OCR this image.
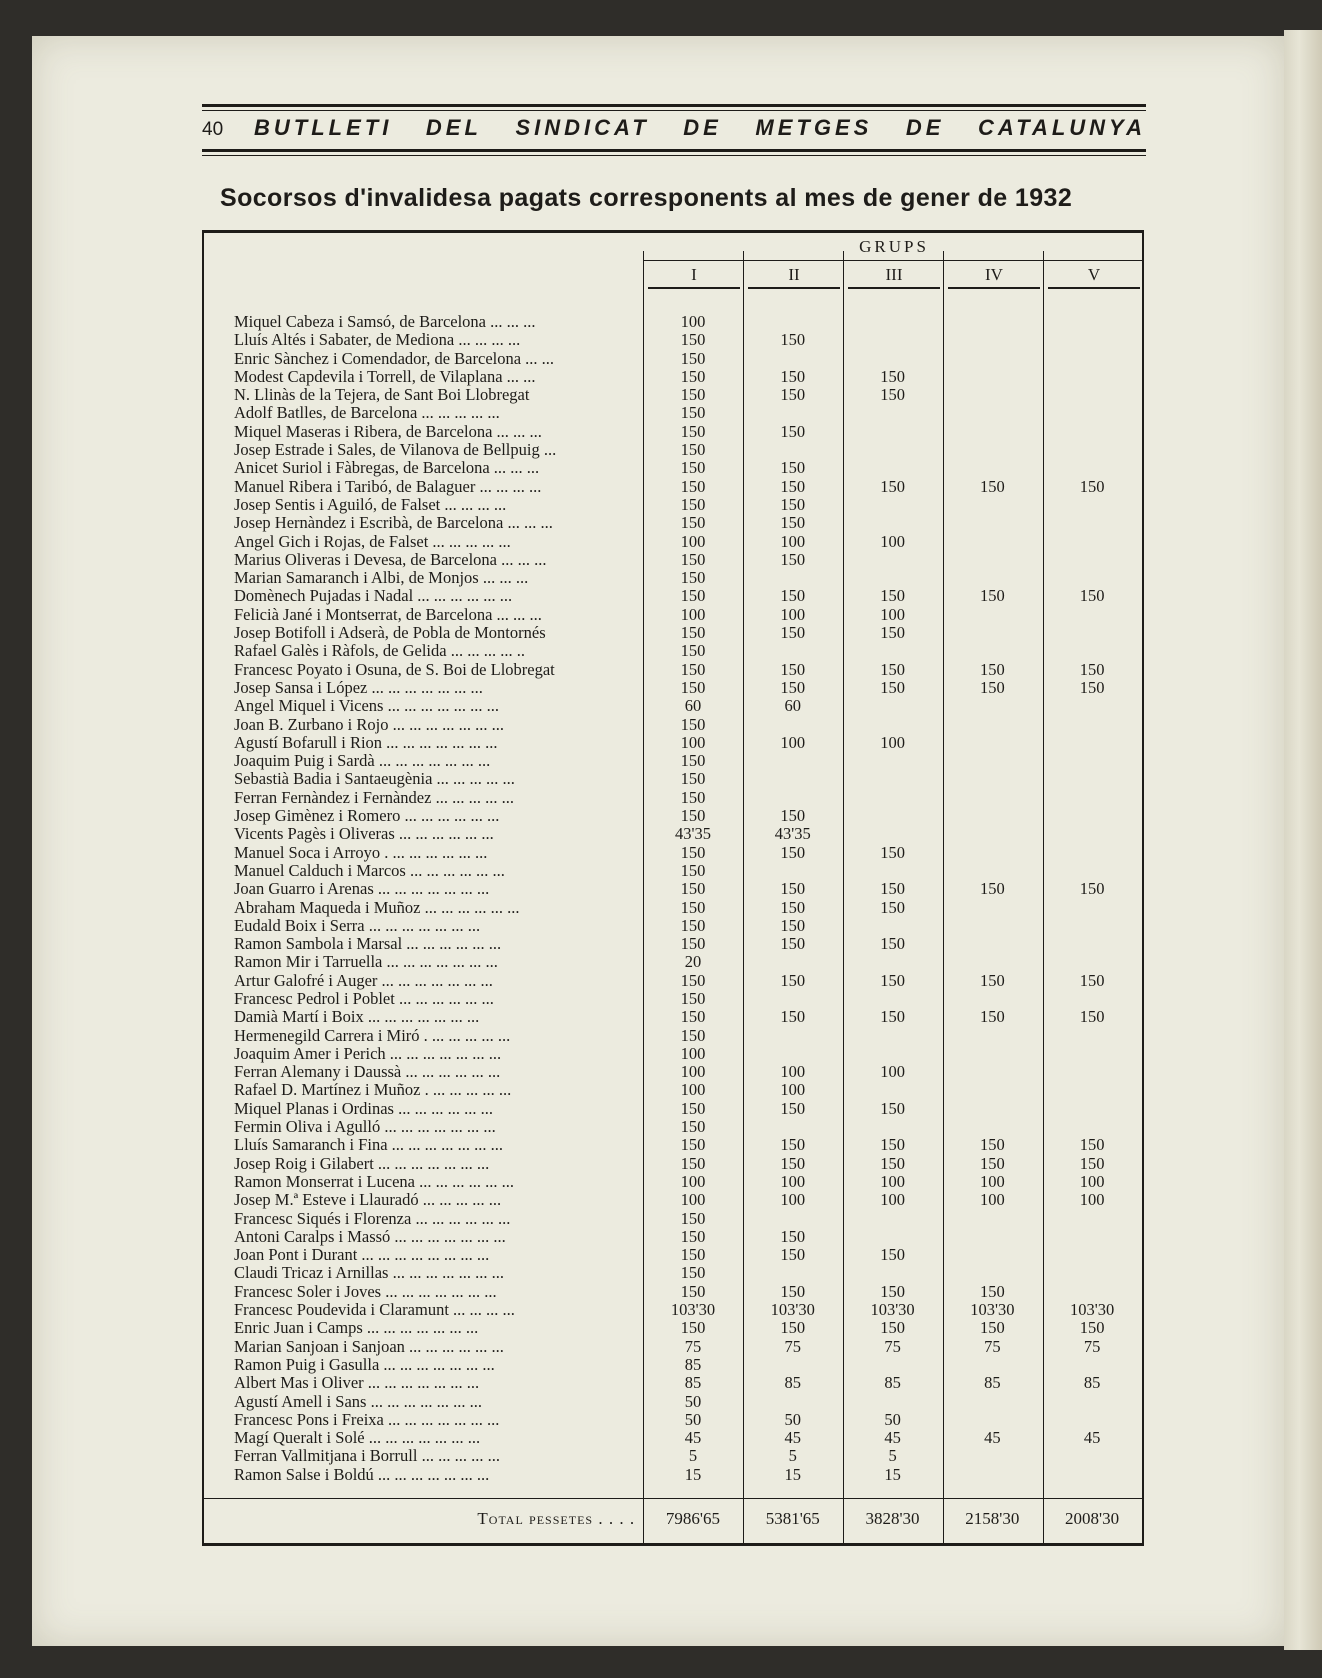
40	BUTLLETI DEL SINDICAT DE METGES DE CATALUNYA
Socorsos d'invalidesa pagats corresponents al mes de gener de 1932
GRUPS
I	II	III	IV	V
Miquel Cabeza i Samsó, de Barcelona ... ... ...	100
Lluís Altés i Sabater, de Mediona ... ... ... ...	150	150
Enric Sànchez i Comendador, de Barcelona ... ...	150
Modest Capdevila i Torrell, de Vilaplana ... ...	150	150	150
N. Llinàs de la Tejera, de Sant Boi Llobregat	150	150	150
Adolf Batlles, de Barcelona ... ... ... ... ...	150
Miquel Maseras i Ribera, de Barcelona ... ... ...	150	150
Josep Estrade i Sales, de Vilanova de Bellpuig ...	150
Anicet Suriol i Fàbregas, de Barcelona ... ... ...	150	150
Manuel Ribera i Taribó, de Balaguer ... ... ... ...	150	150	150	150	150
Josep Sentis i Aguiló, de Falset ... ... ... ...	150	150
Josep Hernàndez i Escribà, de Barcelona ... ... ...	150	150
Angel Gich i Rojas, de Falset ... ... ... ... ...	100	100	100
Marius Oliveras i Devesa, de Barcelona ... ... ...	150	150
Marian Samaranch i Albi, de Monjos ... ... ...	150
Domènech Pujadas i Nadal ... ... ... ... ... ...	150	150	150	150	150
Felicià Jané i Montserrat, de Barcelona ... ... ...	100	100	100
Josep Botifoll i Adserà, de Pobla de Montornés	150	150	150
Rafael Galès i Ràfols, de Gelida ... ... ... ... ..	150
Francesc Poyato i Osuna, de S. Boi de Llobregat	150	150	150	150	150
Josep Sansa i López ... ... ... ... ... ... ...	150	150	150	150	150
Angel Miquel i Vicens ... ... ... ... ... ... ...	60	60
Joan B. Zurbano i Rojo ... ... ... ... ... ... ...	150
Agustí Bofarull i Rion ... ... ... ... ... ... ...	100	100	100
Joaquim Puig i Sardà ... ... ... ... ... ... ...	150
Sebastià Badia i Santaeugènia ... ... ... ... ...	150
Ferran Fernàndez i Fernàndez ... ... ... ... ...	150
Josep Gimènez i Romero ... ... ... ... ... ...	150	150
Vicents Pagès i Oliveras ... ... ... ... ... ...	43'35	43'35
Manuel Soca i Arroyo . ... ... ... ... ... ...	150	150	150
Manuel Calduch i Marcos ... ... ... ... ... ...	150
Joan Guarro i Arenas ... ... ... ... ... ... ...	150	150	150	150	150
Abraham Maqueda i Muñoz ... ... ... ... ... ...	150	150	150
Eudald Boix i Serra ... ... ... ... ... ... ...	150	150
Ramon Sambola i Marsal ... ... ... ... ... ...	150	150	150
Ramon Mir i Tarruella ... ... ... ... ... ... ...	20
Artur Galofré i Auger ... ... ... ... ... ... ...	150	150	150	150	150
Francesc Pedrol i Poblet ... ... ... ... ... ...	150
Damià Martí i Boix ... ... ... ... ... ... ...	150	150	150	150	150
Hermenegild Carrera i Miró . ... ... ... ... ...	150
Joaquim Amer i Perich ... ... ... ... ... ... ...	100
Ferran Alemany i Daussà ... ... ... ... ... ...	100	100	100
Rafael D. Martínez i Muñoz . ... ... ... ... ...	100	100
Miquel Planas i Ordinas ... ... ... ... ... ...	150	150	150
Fermin Oliva i Agulló ... ... ... ... ... ... ...	150
Lluís Samaranch i Fina ... ... ... ... ... ... ...	150	150	150	150	150
Josep Roig i Gilabert ... ... ... ... ... ... ...	150	150	150	150	150
Ramon Monserrat i Lucena ... ... ... ... ... ...	100	100	100	100	100
Josep M.ª Esteve i Llauradó ... ... ... ... ...	100	100	100	100	100
Francesc Siqués i Florenza ... ... ... ... ... ...	150
Antoni Caralps i Massó ... ... ... ... ... ... ...	150	150
Joan Pont i Durant ... ... ... ... ... ... ... ...	150	150	150
Claudi Tricaz i Arnillas ... ... ... ... ... ... ...	150
Francesc Soler i Joves ... ... ... ... ... ... ...	150	150	150	150
Francesc Poudevida i Claramunt ... ... ... ...	103'30	103'30	103'30	103'30	103'30
Enric Juan i Camps ... ... ... ... ... ... ...	150	150	150	150	150
Marian Sanjoan i Sanjoan ... ... ... ... ... ...	75	75	75	75	75
Ramon Puig i Gasulla ... ... ... ... ... ... ...	85
Albert Mas i Oliver ... ... ... ... ... ... ...	85	85	85	85	85
Agustí Amell i Sans ... ... ... ... ... ... ...	50
Francesc Pons i Freixa ... ... ... ... ... ... ...	50	50	50
Magí Queralt i Solé ... ... ... ... ... ... ...	45	45	45	45	45
Ferran Vallmitjana i Borrull ... ... ... ... ...	5	5	5
Ramon Salse i Boldú ... ... ... ... ... ... ...	15	15	15
Total pessetes . . . .	7986'65	5381'65	3828'30	2158'30	2008'30
